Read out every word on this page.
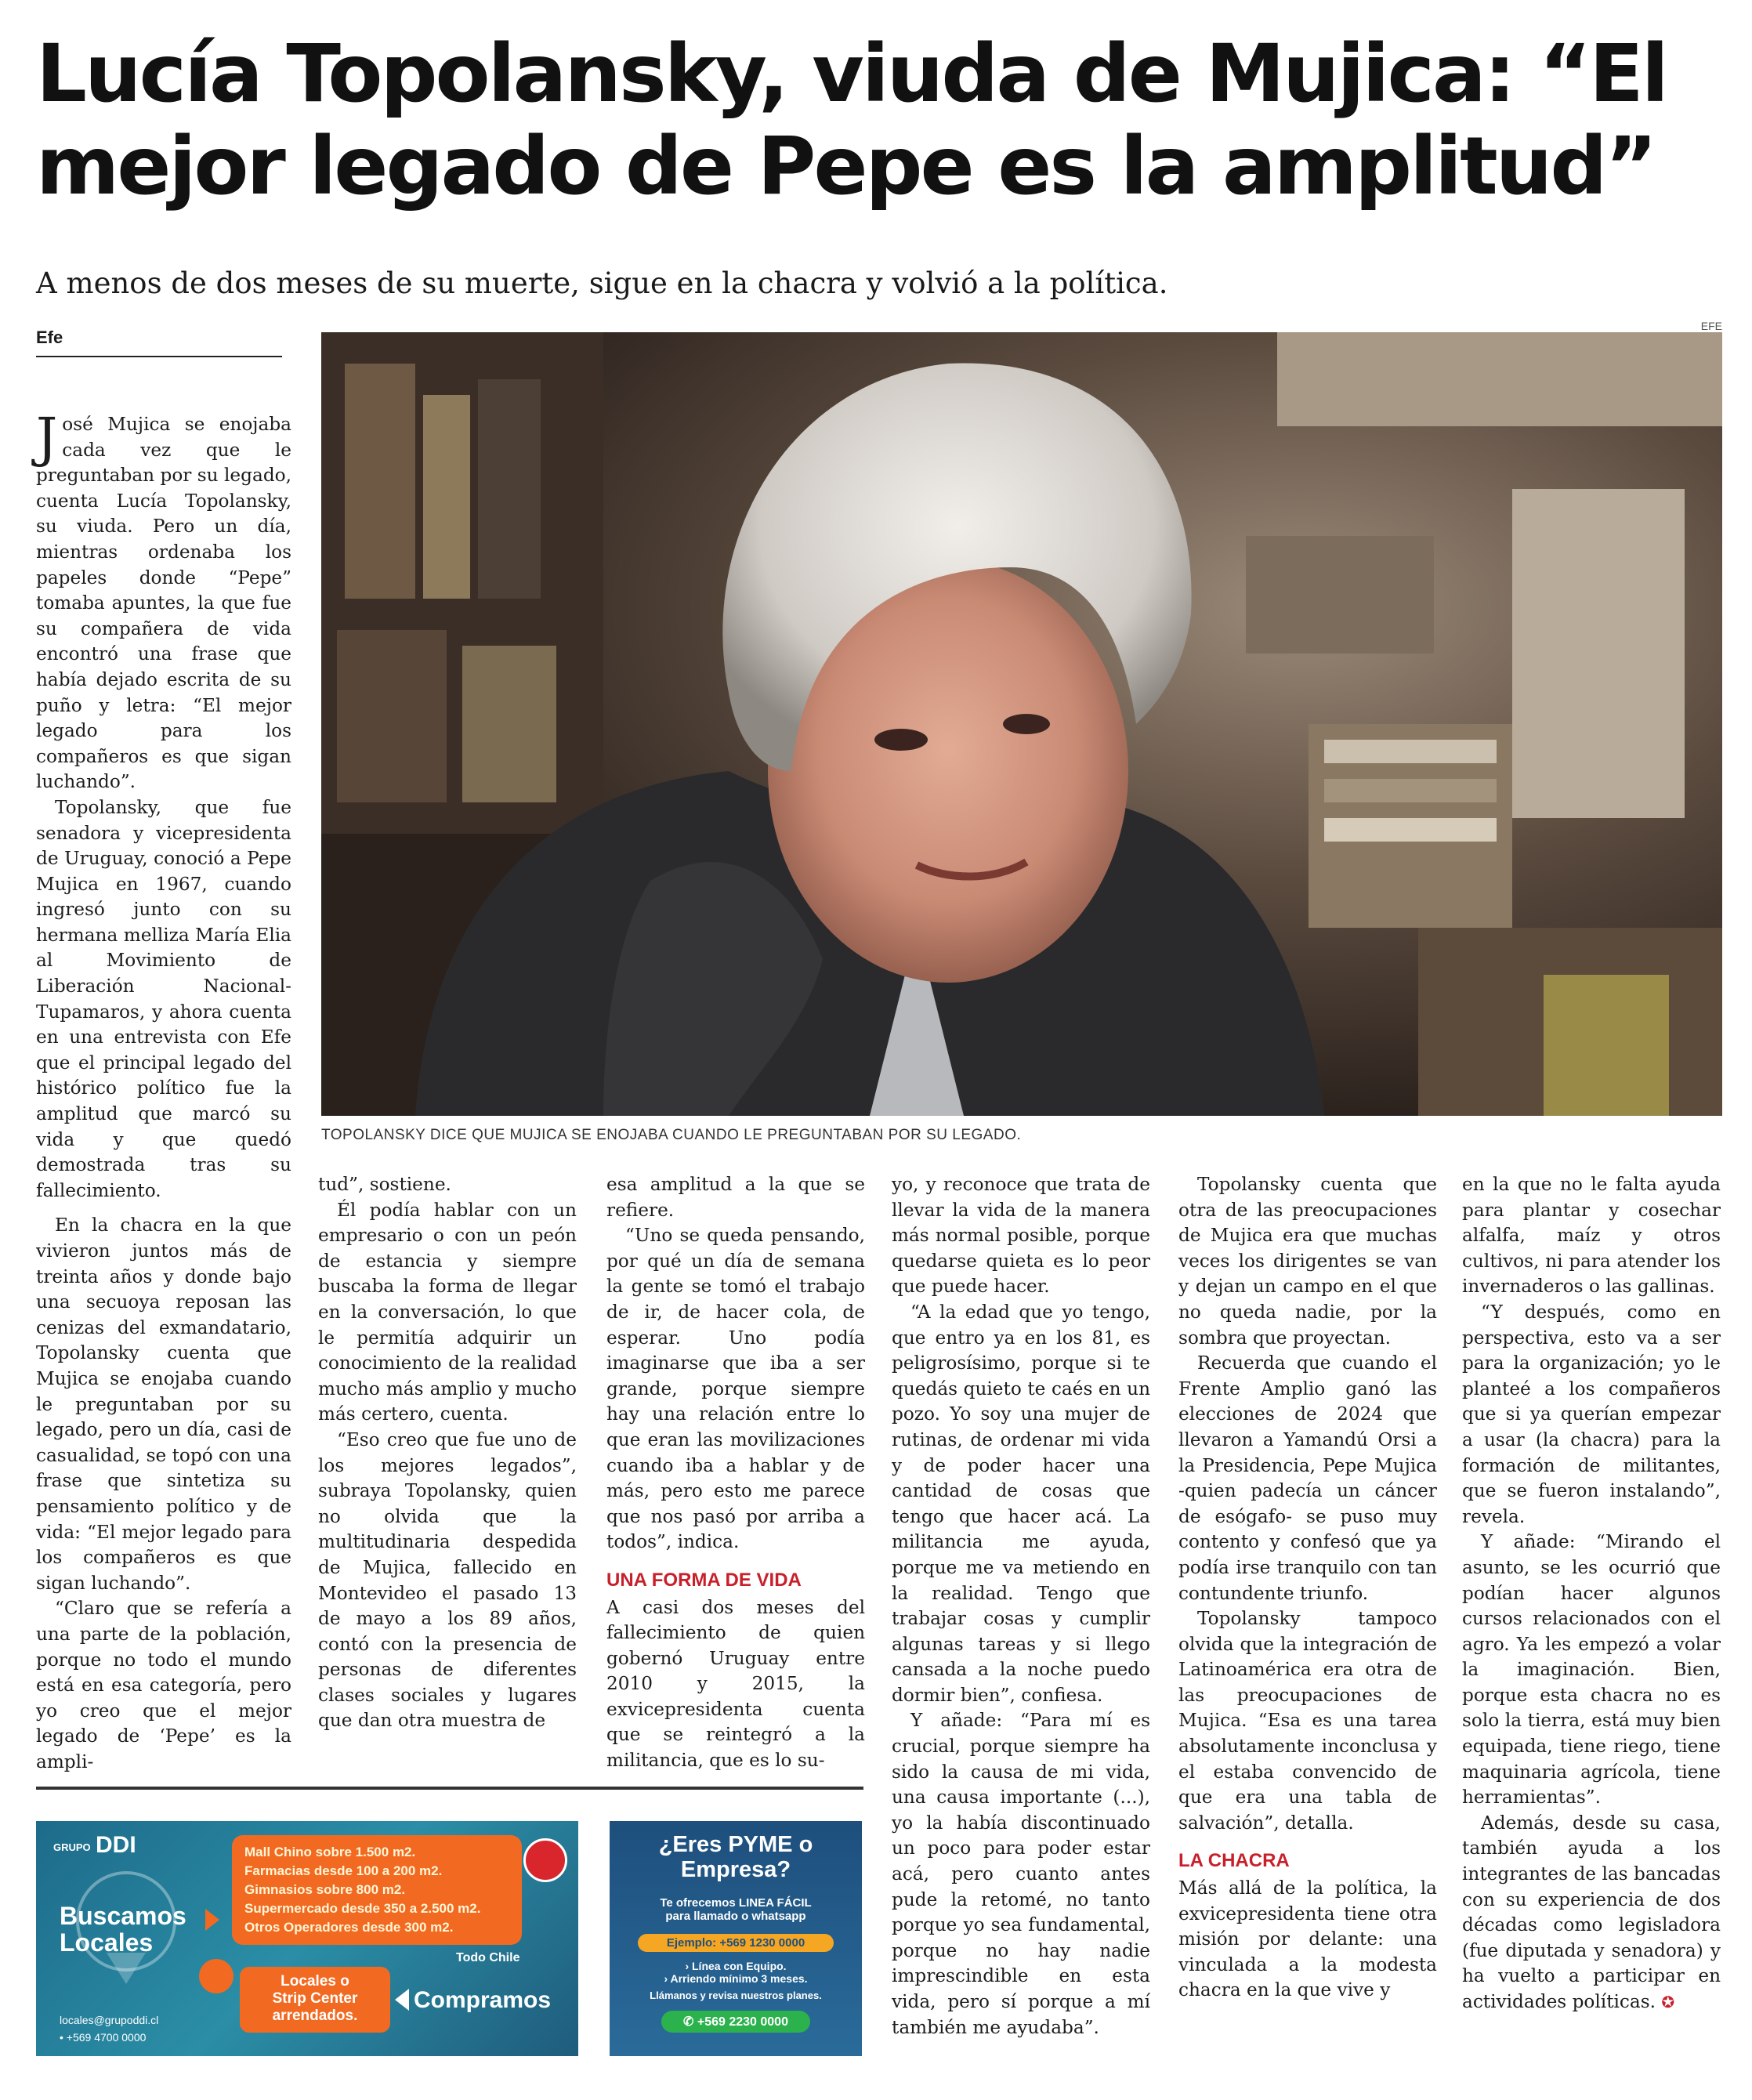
Lucía Topolansky, viuda de Mujica: “El mejor legado de Pepe es la amplitud”

A menos de dos meses de su muerte, sigue en la chacra y volvió a la política.

Efe
EFE
TOPOLANSKY DICE QUE MUJICA SE ENOJABA CUANDO LE PREGUNTABAN POR SU LEGADO.

José Mujica se enojaba cada vez que le preguntaban por su legado, cuenta Lucía Topolansky, su viuda. Pero un día, mientras ordenaba los papeles donde “Pepe” tomaba apuntes, la que fue su compañera de vida encontró una frase que había dejado escrita de su puño y letra: “El mejor legado para los compañeros es que sigan luchando”.

Topolansky, que fue senadora y vicepresidenta de Uruguay, conoció a Pepe Mujica en 1967, cuando ingresó junto con su hermana melliza María Elia al Movimiento de Liberación Nacional-Tupamaros, y ahora cuenta en una entrevista con Efe que el principal legado del histórico político fue la amplitud que marcó su vida y que quedó demostrada tras su fallecimiento.

En la chacra en la que vivieron juntos más de treinta años y donde bajo una secuoya reposan las cenizas del exmandatario, Topolansky cuenta que Mujica se enojaba cuando le preguntaban por su legado, pero un día, casi de casualidad, se topó con una frase que sintetiza su pensamiento político y de vida: “El mejor legado para los compañeros es que sigan luchando”.

“Claro que se refería a una parte de la población, porque no todo el mundo está en esa categoría, pero yo creo que el mejor legado de ‘Pepe’ es la ampli-

tud”, sostiene.

Él podía hablar con un empresario o con un peón de estancia y siempre buscaba la forma de llegar en la conversación, lo que le permitía adquirir un conocimiento de la realidad mucho más amplio y mucho más certero, cuenta.

“Eso creo que fue uno de los mejores legados”, subraya Topolansky, quien no olvida que la multitudinaria despedida de Mujica, fallecido en Montevideo el pasado 13 de mayo a los 89 años, contó con la presencia de personas de diferentes clases sociales y lugares que dan otra muestra de

esa amplitud a la que se refiere.

“Uno se queda pensando, por qué un día de semana la gente se tomó el trabajo de ir, de hacer cola, de esperar. Uno podía imaginarse que iba a ser grande, porque siempre hay una relación entre lo que eran las movilizaciones cuando iba a hablar y de más, pero esto me parece que nos pasó por arriba a todos”, indica.

UNA FORMA DE VIDA

A casi dos meses del fallecimiento de quien gobernó Uruguay entre 2010 y 2015, la exvicepresidenta cuenta que se reintegró a la militancia, que es lo su-

yo, y reconoce que trata de llevar la vida de la manera más normal posible, porque quedarse quieta es lo peor que puede hacer.

“A la edad que yo tengo, que entro ya en los 81, es peligrosísimo, porque si te quedás quieto te caés en un pozo. Yo soy una mujer de rutinas, de ordenar mi vida y de poder hacer una cantidad de cosas que tengo que hacer acá. La militancia me ayuda, porque me va metiendo en la realidad. Tengo que trabajar cosas y cumplir algunas tareas y si llego cansada a la noche puedo dormir bien”, confiesa.

Y añade: “Para mí es crucial, porque siempre ha sido la causa de mi vida, una causa importante (...), yo la había discontinuado un poco para poder estar acá, pero cuanto antes pude la retomé, no tanto porque yo sea fundamental, porque no hay nadie imprescindible en esta vida, pero sí porque a mí también me ayudaba”.

Topolansky cuenta que otra de las preocupaciones de Mujica era que muchas veces los dirigentes se van y dejan un campo en el que no queda nadie, por la sombra que proyectan.

Recuerda que cuando el Frente Amplio ganó las elecciones de 2024 que llevaron a Yamandú Orsi a la Presidencia, Pepe Mujica -quien padecía un cáncer de esógafo- se puso muy contento y confesó que ya podía irse tranquilo con tan contundente triunfo.

Topolansky tampoco olvida que la integración de Latinoamérica era otra de las preocupaciones de Mujica. “Esa es una tarea absolutamente inconclusa y el estaba convencido de que era una tabla de salvación”, detalla.

LA CHACRA

Más allá de la política, la exvicepresidenta tiene otra misión por delante: una vinculada a la modesta chacra en la que vive y

en la que no le falta ayuda para plantar y cosechar alfalfa, maíz y otros cultivos, ni para atender los invernaderos o las gallinas.

“Y después, como en perspectiva, esto va a ser para la organización; yo le planteé a los compañeros que si ya querían empezar a usar (la chacra) para la formación de militantes, que se fueron instalando”, revela.

Y añade: “Mirando el asunto, se les ocurrió que podían hacer algunos cursos relacionados con el agro. Ya les empezó a volar la imaginación. Bien, porque esta chacra no es solo la tierra, está muy bien equipada, tiene riego, tiene maquinaria agrícola, tiene herramientas”.

Además, desde su casa, también ayuda a los integrantes de las bancadas con su experiencia de dos décadas como legisladora (fue diputada y senadora) y ha vuelto a participar en actividades políticas. ✪

GRUPO DDI
Buscamos
Locales
Mall Chino sobre 1.500 m2.
Farmacias desde 100 a 200 m2.
Gimnasios sobre 800 m2.
Supermercado desde 350 a 2.500 m2.
Otros Operadores desde 300 m2.
Todo Chile
Locales o
Strip Center
arrendados.
Compramos
locales@grupoddi.cl
• +569 4700 0000
¿Eres PYME o
Empresa?
Te ofrecemos LINEA FÁCIL
para llamado o whatsapp
Ejemplo: +569 1230 0000
› Línea con Equipo.
› Arriendo mínimo 3 meses.
Llámanos y revisa nuestros planes.
✆ +569 2230 0000
